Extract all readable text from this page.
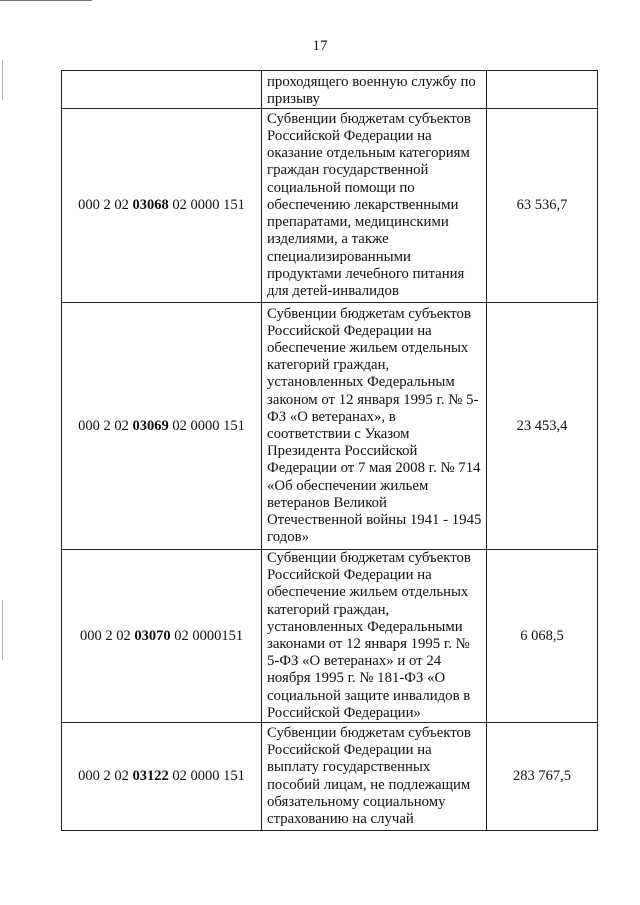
17
	проходящего военную службу по призыву	
000 2 02 03068 02 0000 151	Субвенции бюджетам субъектов Российской Федерации на оказание отдельным категориям граждан государственной социальной помощи по обеспечению лекарственными препаратами, медицинскими изделиями, а также специализированными продуктами лечебного питания для детей-инвалидов	63 536,7
000 2 02 03069 02 0000 151	Субвенции бюджетам субъектов Российской Федерации на обеспечение жильем отдельных категорий граждан, установленных Федеральным законом от 12 января 1995 г. № 5-ФЗ «О ветеранах», в соответствии с Указом Президента Российской Федерации от 7 мая 2008 г. № 714 «Об обеспечении жильем ветеранов Великой Отечественной войны 1941 - 1945 годов»	23 453,4
000 2 02 03070 02 0000151	Субвенции бюджетам субъектов Российской Федерации на обеспечение жильем отдельных категорий граждан, установленных Федеральными законами от 12 января 1995 г. № 5-ФЗ «О ветеранах» и от 24 ноября 1995 г. № 181-ФЗ «О социальной защите инвалидов в Российской Федерации»	6 068,5
000 2 02 03122 02 0000 151	Субвенции бюджетам субъектов Российской Федерации на выплату государственных пособий лицам, не подлежащим обязательному социальному страхованию на случай	283 767,5
